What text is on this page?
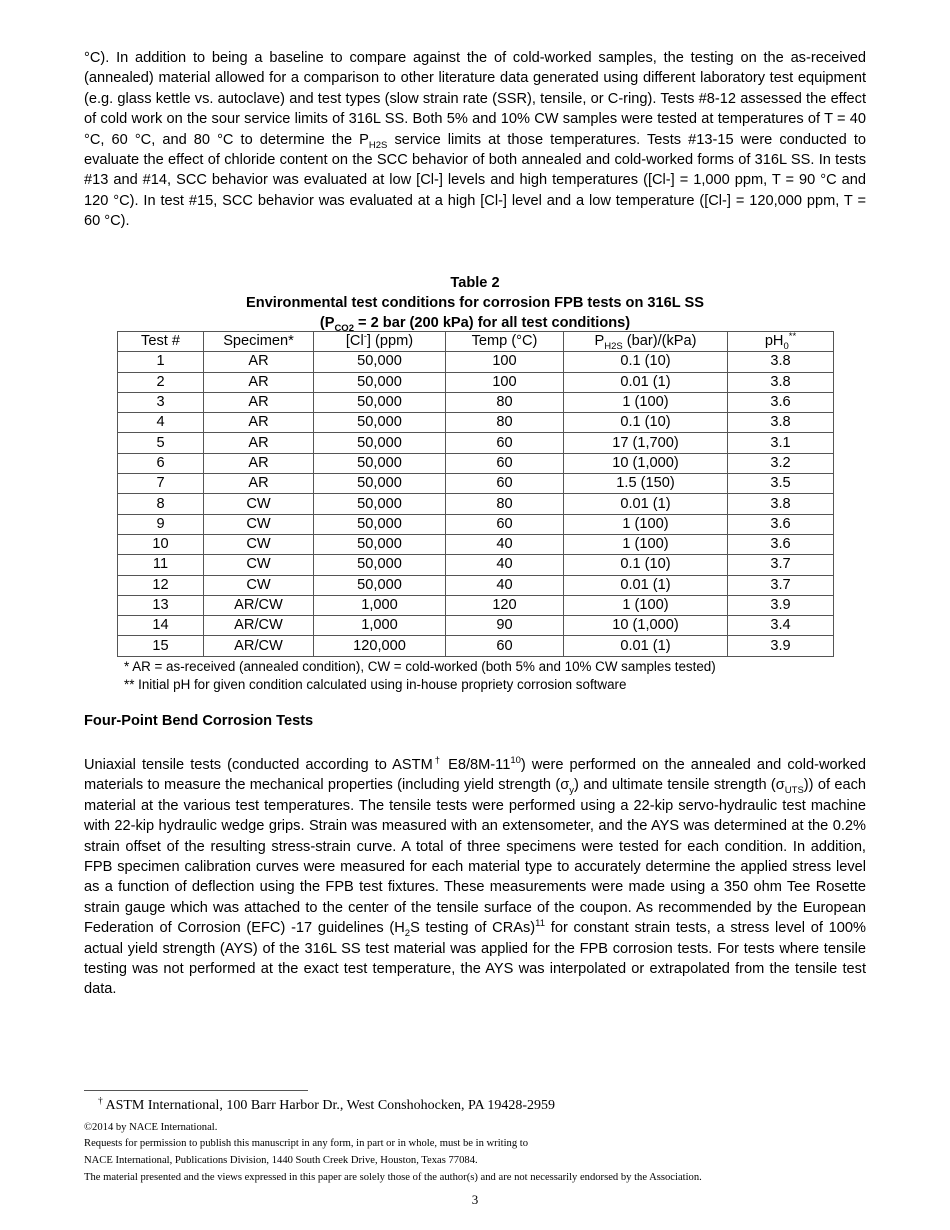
°C). In addition to being a baseline to compare against the of cold-worked samples, the testing on the as-received (annealed) material allowed for a comparison to other literature data generated using different laboratory test equipment (e.g. glass kettle vs. autoclave) and test types (slow strain rate (SSR), tensile, or C-ring). Tests #8-12 assessed the effect of cold work on the sour service limits of 316L SS. Both 5% and 10% CW samples were tested at temperatures of T = 40 °C, 60 °C, and 80 °C to determine the $P_{H2S}$ service limits at those temperatures. Tests #13-15 were conducted to evaluate the effect of chloride content on the SCC behavior of both annealed and cold-worked forms of 316L SS. In tests #13 and #14, SCC behavior was evaluated at low [Cl-] levels and high temperatures ([Cl-] = 1,000 ppm, T = 90 °C and 120 °C). In test #15, SCC behavior was evaluated at a high [Cl-] level and a low temperature ([Cl-] = 120,000 ppm, T = 60 °C).
Table 2
Environmental test conditions for corrosion FPB tests on 316L SS
($P_{CO2} = 2$ bar (200 kPa) for all test conditions)
Test #	Specimen*	[Cl-] (ppm)	Temp (°C)	$P_{H2S}$ (bar)/(kPa)	$pH_0^{**}$
1	AR	50,000	100	0.1 (10)	3.8
2	AR	50,000	100	0.01 (1)	3.8
3	AR	50,000	80	1 (100)	3.6
4	AR	50,000	80	0.1 (10)	3.8
5	AR	50,000	60	17 (1,700)	3.1
6	AR	50,000	60	10 (1,000)	3.2
7	AR	50,000	60	1.5 (150)	3.5
8	CW	50,000	80	0.01 (1)	3.8
9	CW	50,000	60	1 (100)	3.6
10	CW	50,000	40	1 (100)	3.6
11	CW	50,000	40	0.1 (10)	3.7
12	CW	50,000	40	0.01 (1)	3.7
13	AR/CW	1,000	120	1 (100)	3.9
14	AR/CW	1,000	90	10 (1,000)	3.4
15	AR/CW	120,000	60	0.01 (1)	3.9
* AR = as-received (annealed condition), CW = cold-worked (both 5% and 10% CW samples tested)
** Initial pH for given condition calculated using in-house propriety corrosion software
Four-Point Bend Corrosion Tests
Uniaxial tensile tests (conducted according to ASTM† $E8/8M-11^{10}$) were performed on the annealed and cold-worked materials to measure the mechanical properties (including yield strength $(\sigma_y)$ and ultimate tensile strength $(\sigma_{UTS})$) of each material at the various test temperatures. The tensile tests were performed using a 22-kip servo-hydraulic test machine with 22-kip hydraulic wedge grips. Strain was measured with an extensometer, and the AYS was determined at the 0.2% strain offset of the resulting stress-strain curve. A total of three specimens were tested for each condition. In addition, FPB specimen calibration curves were measured for each material type to accurately determine the applied stress level as a function of deflection using the FPB test fixtures. These measurements were made using a 350 ohm Tee Rosette strain gauge which was attached to the center of the tensile surface of the coupon. As recommended by the European Federation of Corrosion (EFC) -17 guidelines ($H_2S$ testing of CRAs)$^{11}$ for constant strain tests, a stress level of 100% actual yield strength (AYS) of the 316L SS test material was applied for the FPB corrosion tests. For tests where tensile testing was not performed at the exact test temperature, the AYS was interpolated or extrapolated from the tensile test data.
† ASTM International, 100 Barr Harbor Dr., West Conshohocken, PA 19428-2959
©2014 by NACE International.
Requests for permission to publish this manuscript in any form, in part or in whole, must be in writing to
NACE International, Publications Division, 1440 South Creek Drive, Houston, Texas 77084.
The material presented and the views expressed in this paper are solely those of the author(s) and are not necessarily endorsed by the Association.
3
